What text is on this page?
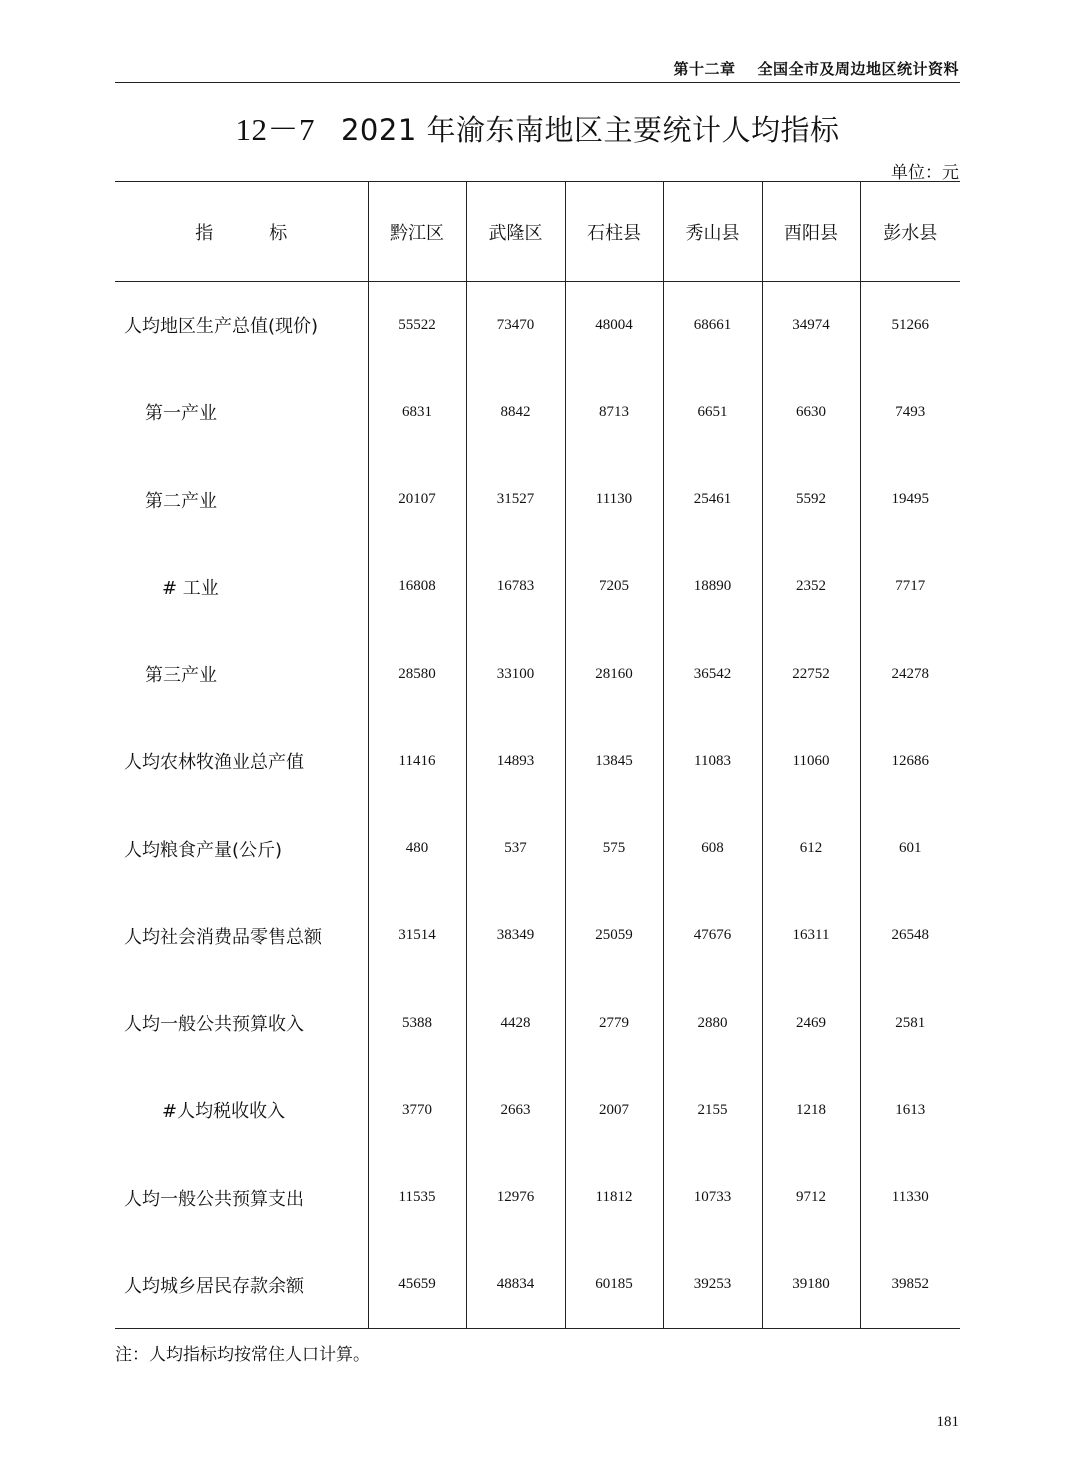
第十二章 全国全市及周边地区统计资料
12－7 2021 年渝东南地区主要统计人均指标
单位：元
指 标	黔江区	武隆区	石柱县	秀山县	酉阳县	彭水县
人均地区生产总值(现价)	55522	73470	48004	68661	34974	51266
第一产业	6831	8842	8713	6651	6630	7493
第二产业	20107	31527	11130	25461	5592	19495
# 工业	16808	16783	7205	18890	2352	7717
第三产业	28580	33100	28160	36542	22752	24278
人均农林牧渔业总产值	11416	14893	13845	11083	11060	12686
人均粮食产量(公斤)	480	537	575	608	612	601
人均社会消费品零售总额	31514	38349	25059	47676	16311	26548
人均一般公共预算收入	5388	4428	2779	2880	2469	2581
#人均税收收入	3770	2663	2007	2155	1218	1613
人均一般公共预算支出	11535	12976	11812	10733	9712	11330
人均城乡居民存款余额	45659	48834	60185	39253	39180	39852
注：人均指标均按常住人口计算。
181
